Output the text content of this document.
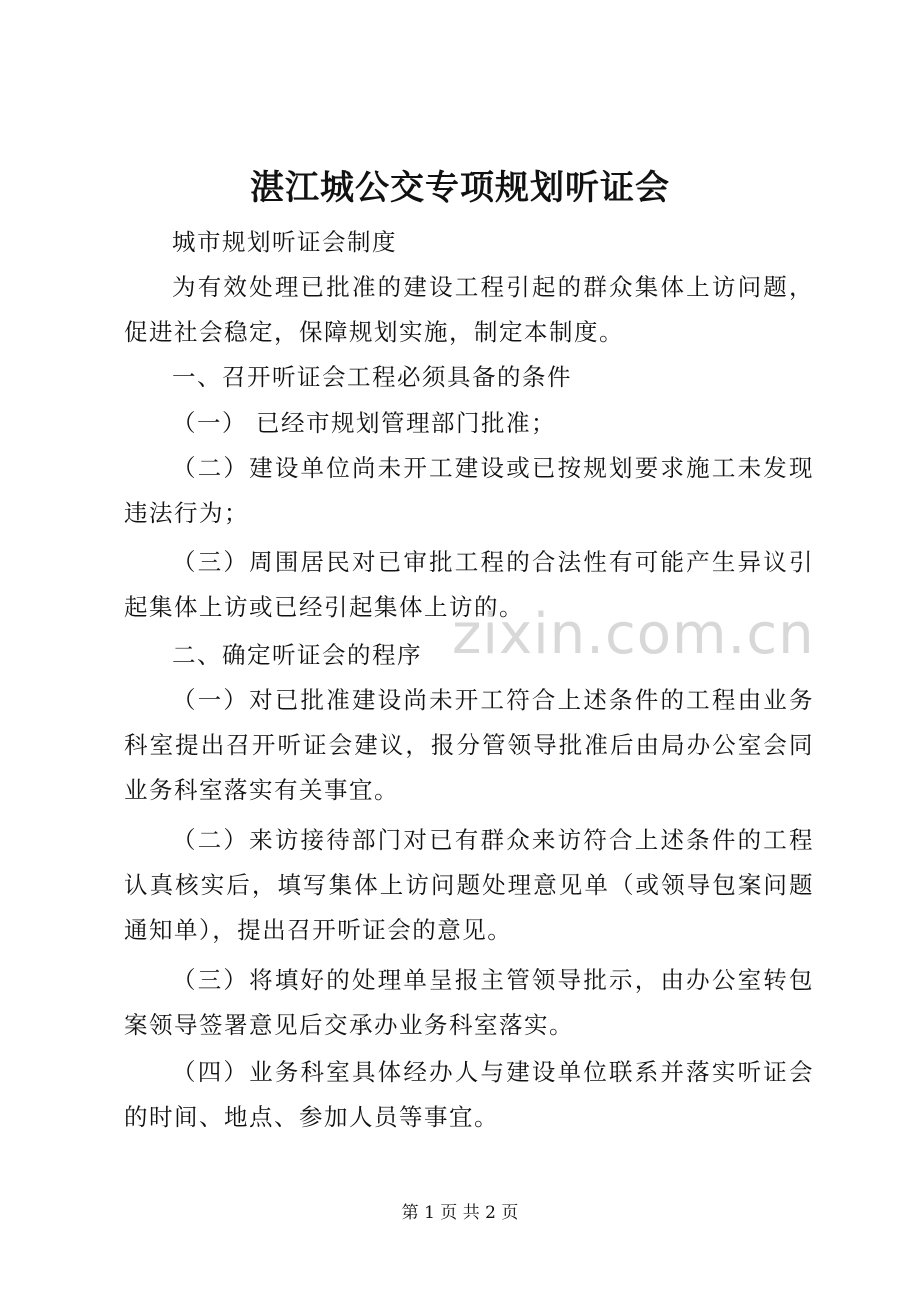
湛江城公交专项规划听证会

城市规划听证会制度

为有效处理已批准的建设工程引起的群众集体上访问题，促进社会稳定，保障规划实施，制定本制度。

一、召开听证会工程必须具备的条件

（一） 已经市规划管理部门批准；

（二）建设单位尚未开工建设或已按规划要求施工未发现违法行为；

（三）周围居民对已审批工程的合法性有可能产生异议引起集体上访或已经引起集体上访的。

二、确定听证会的程序

（一）对已批准建设尚未开工符合上述条件的工程由业务科室提出召开听证会建议，报分管领导批准后由局办公室会同业务科室落实有关事宜。

（二）来访接待部门对已有群众来访符合上述条件的工程认真核实后，填写集体上访问题处理意见单（或领导包案问题通知单），提出召开听证会的意见。

（三）将填好的处理单呈报主管领导批示，由办公室转包案领导签署意见后交承办业务科室落实。

（四）业务科室具体经办人与建设单位联系并落实听证会的时间、地点、参加人员等事宜。

zixin.com.cn
第 1 页 共 2 页
